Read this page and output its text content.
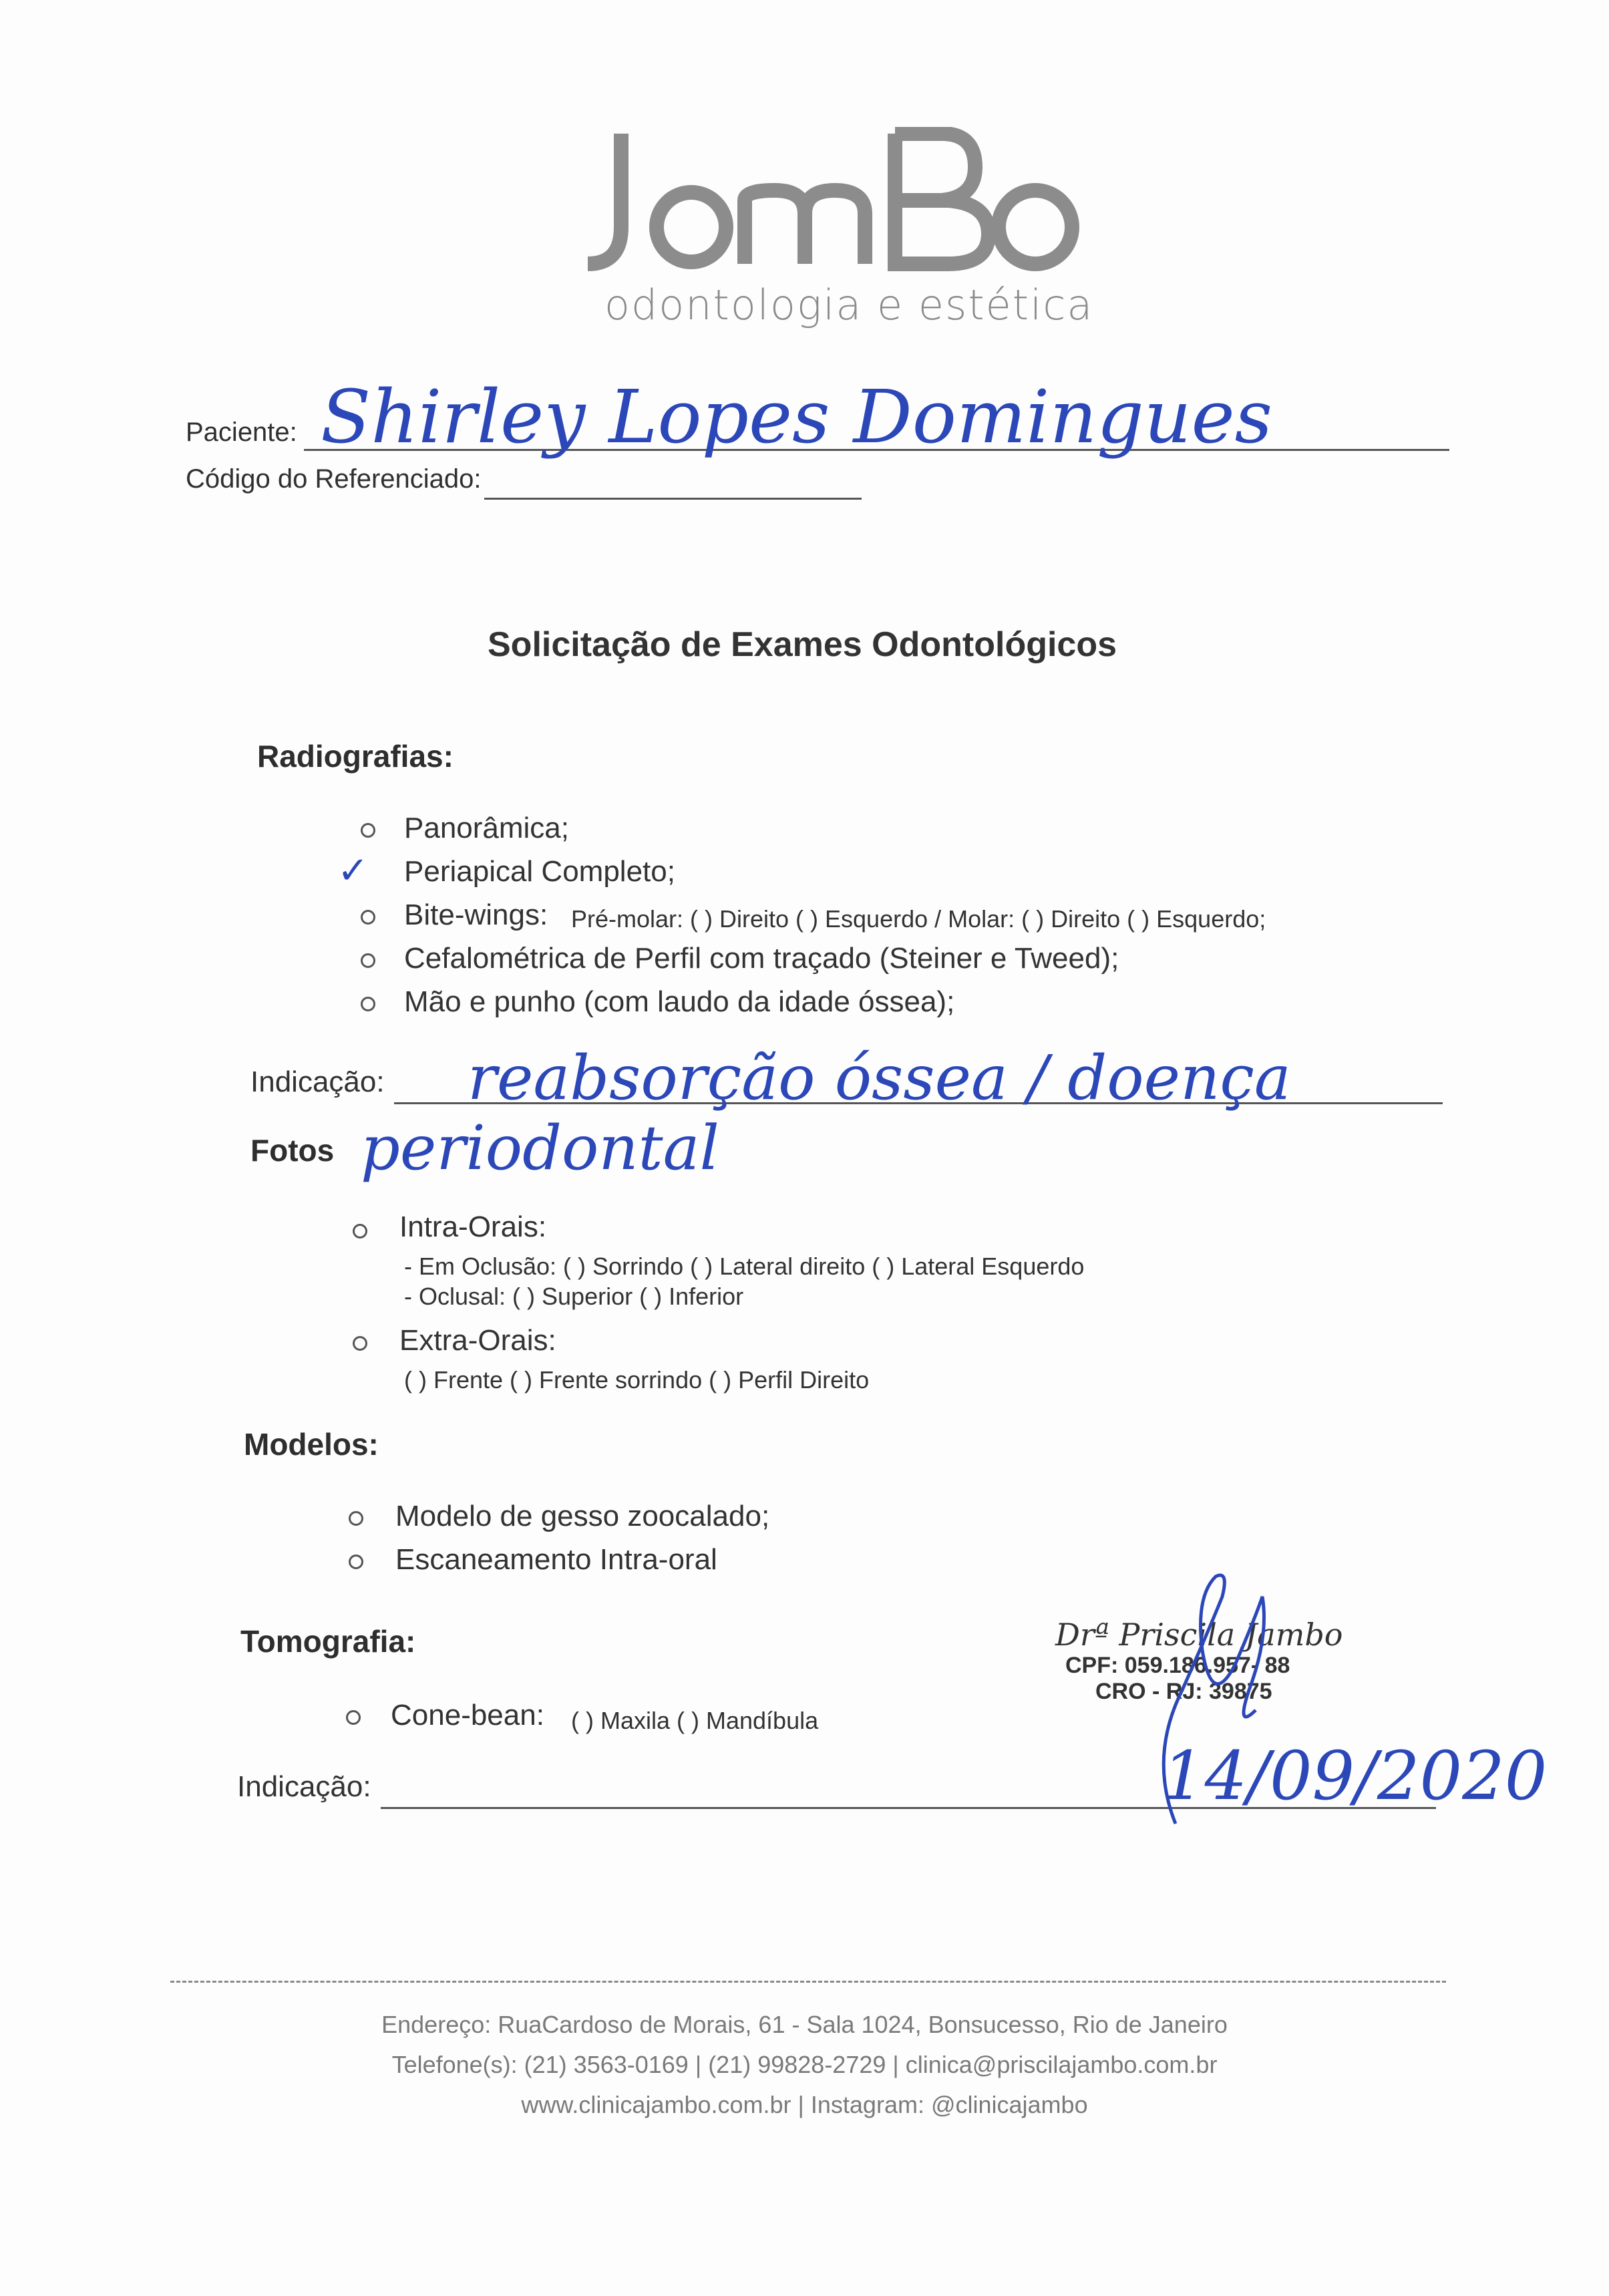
odontologia e estética
Paciente: Shirley Lopes Domingues
Código do Referenciado:
Solicitação de Exames Odontológicos
Radiografias:
Panorâmica;
✓ Periapical Completo;
Bite-wings: Pré-molar: ( ) Direito ( ) Esquerdo / Molar: ( ) Direito ( ) Esquerdo;
Cefalométrica de Perfil com traçado (Steiner e Tweed);
Mão e punho (com laudo da idade óssea);
Indicação: reabsorção óssea / doença
periodontal
Fotos
Intra-Orais:
- Em Oclusão: ( ) Sorrindo ( ) Lateral direito ( ) Lateral Esquerdo
- Oclusal: ( ) Superior ( ) Inferior
Extra-Orais:
( ) Frente ( ) Frente sorrindo ( ) Perfil Direito
Modelos:
Modelo de gesso zoocalado;
Escaneamento Intra-oral
Tomografia:
Cone-bean: ( ) Maxila ( ) Mandíbula
Indicação:
Drª Priscila Jambo
CPF: 059.186.957- 88
CRO - RJ: 39875
14/09/2020
Endereço: RuaCardoso de Morais, 61 - Sala 1024, Bonsucesso, Rio de Janeiro
Telefone(s): (21) 3563-0169 | (21) 99828-2729 | clinica@priscilajambo.com.br
www.clinicajambo.com.br | Instagram: @clinicajambo
